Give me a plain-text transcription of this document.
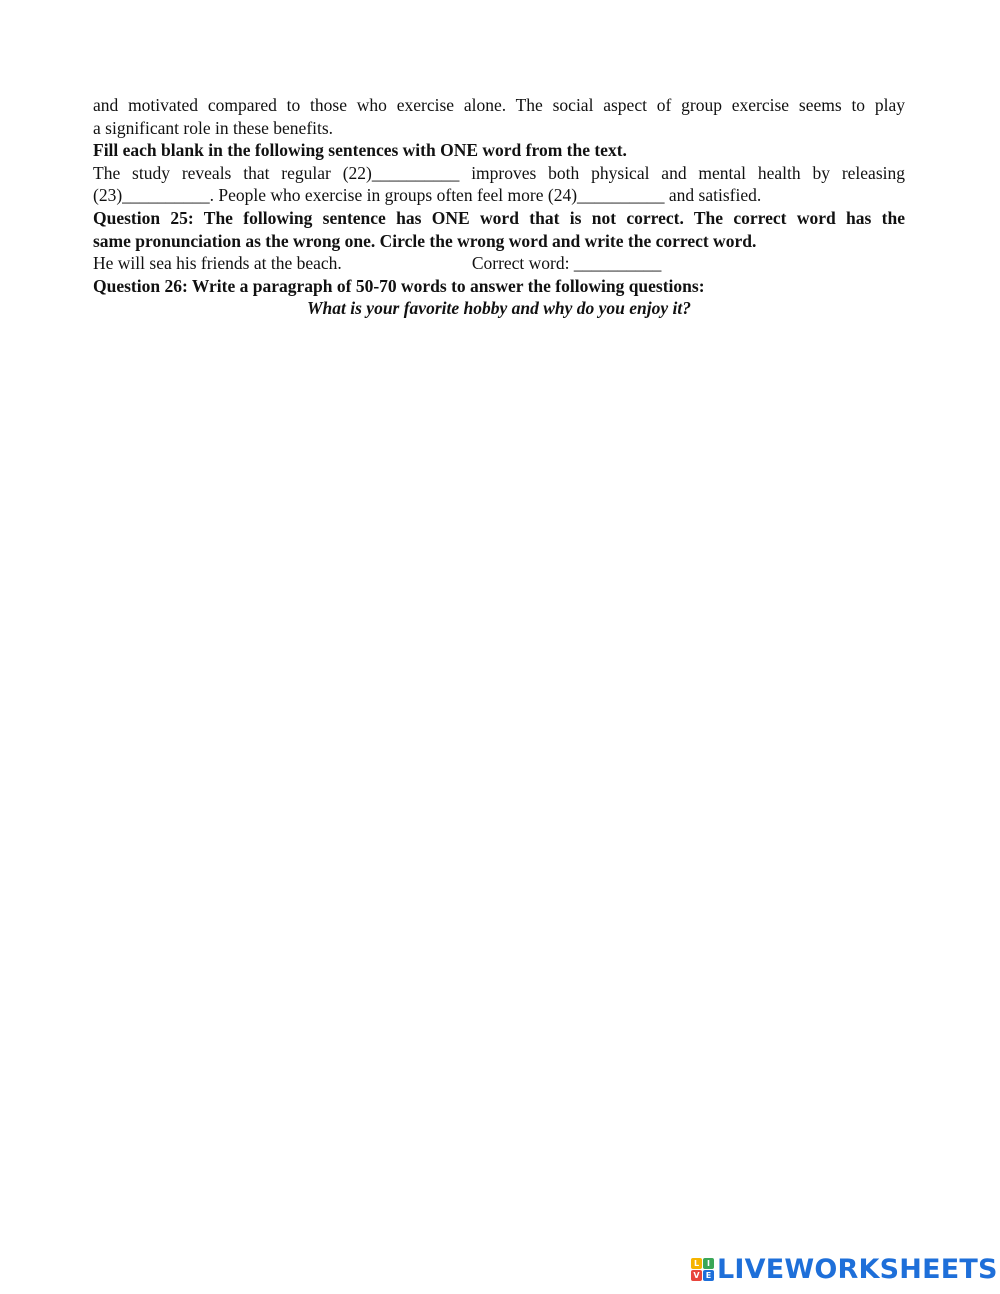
and motivated compared to those who exercise alone. The social aspect of group exercise seems to play
a significant role in these benefits.
Fill each blank in the following sentences with ONE word from the text.
The study reveals that regular (22)__________ improves both physical and mental health by releasing
(23)__________. People who exercise in groups often feel more (24)__________ and satisfied.
Question 25: The following sentence has ONE word that is not correct. The correct word has the
same pronunciation as the wrong one. Circle the wrong word and write the correct word.
He will sea his friends at the beach.	Correct word: __________
Question 26: Write a paragraph of 50-70 words to answer the following questions:
What is your favorite hobby and why do you enjoy it?
L I
V E LIVEWORKSHEETS
